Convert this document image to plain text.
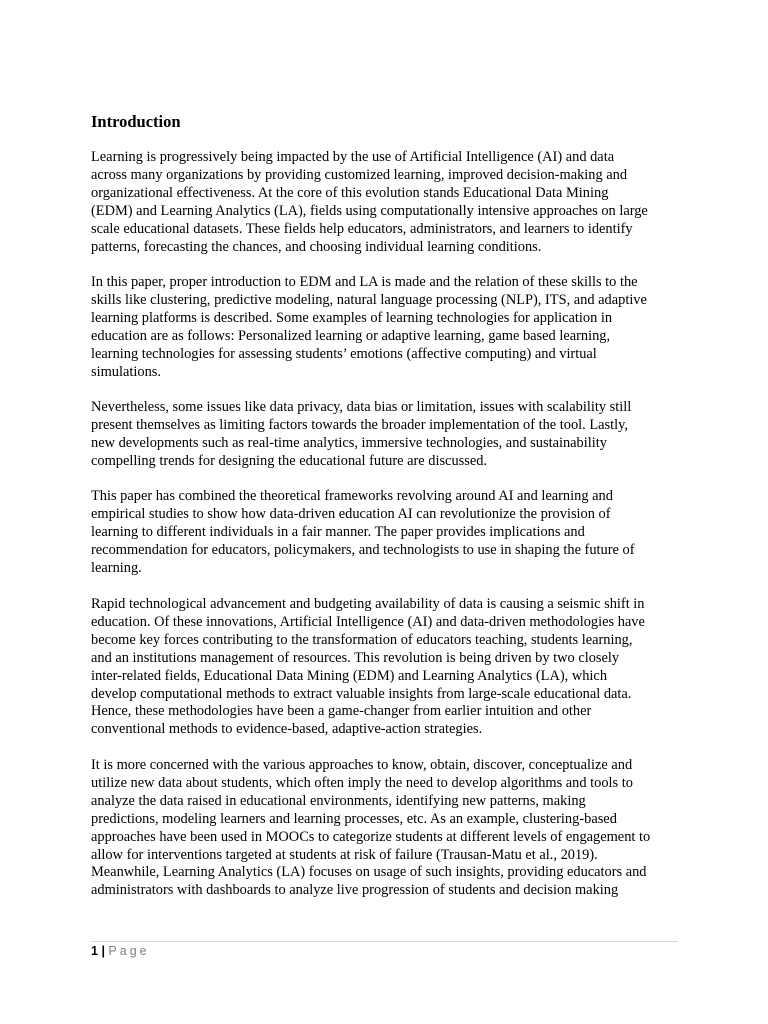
Introduction

Learning is progressively being impacted by the use of Artificial Intelligence (AI) and data
across many organizations by providing customized learning, improved decision-making and
organizational effectiveness. At the core of this evolution stands Educational Data Mining
(EDM) and Learning Analytics (LA), fields using computationally intensive approaches on large
scale educational datasets. These fields help educators, administrators, and learners to identify
patterns, forecasting the chances, and choosing individual learning conditions.

In this paper, proper introduction to EDM and LA is made and the relation of these skills to the
skills like clustering, predictive modeling, natural language processing (NLP), ITS, and adaptive
learning platforms is described. Some examples of learning technologies for application in
education are as follows: Personalized learning or adaptive learning, game based learning,
learning technologies for assessing students’ emotions (affective computing) and virtual
simulations.

Nevertheless, some issues like data privacy, data bias or limitation, issues with scalability still
present themselves as limiting factors towards the broader implementation of the tool. Lastly,
new developments such as real-time analytics, immersive technologies, and sustainability
compelling trends for designing the educational future are discussed.

This paper has combined the theoretical frameworks revolving around AI and learning and
empirical studies to show how data-driven education AI can revolutionize the provision of
learning to different individuals in a fair manner. The paper provides implications and
recommendation for educators, policymakers, and technologists to use in shaping the future of
learning.

Rapid technological advancement and budgeting availability of data is causing a seismic shift in
education. Of these innovations, Artificial Intelligence (AI) and data-driven methodologies have
become key forces contributing to the transformation of educators teaching, students learning,
and an institutions management of resources. This revolution is being driven by two closely
inter-related fields, Educational Data Mining (EDM) and Learning Analytics (LA), which
develop computational methods to extract valuable insights from large-scale educational data.
Hence, these methodologies have been a game-changer from earlier intuition and other
conventional methods to evidence-based, adaptive-action strategies.

It is more concerned with the various approaches to know, obtain, discover, conceptualize and
utilize new data about students, which often imply the need to develop algorithms and tools to
analyze the data raised in educational environments, identifying new patterns, making
predictions, modeling learners and learning processes, etc. As an example, clustering-based
approaches have been used in MOOCs to categorize students at different levels of engagement to
allow for interventions targeted at students at risk of failure (Trausan-Matu et al., 2019).
Meanwhile, Learning Analytics (LA) focuses on usage of such insights, providing educators and
administrators with dashboards to analyze live progression of students and decision making

1 | Page
